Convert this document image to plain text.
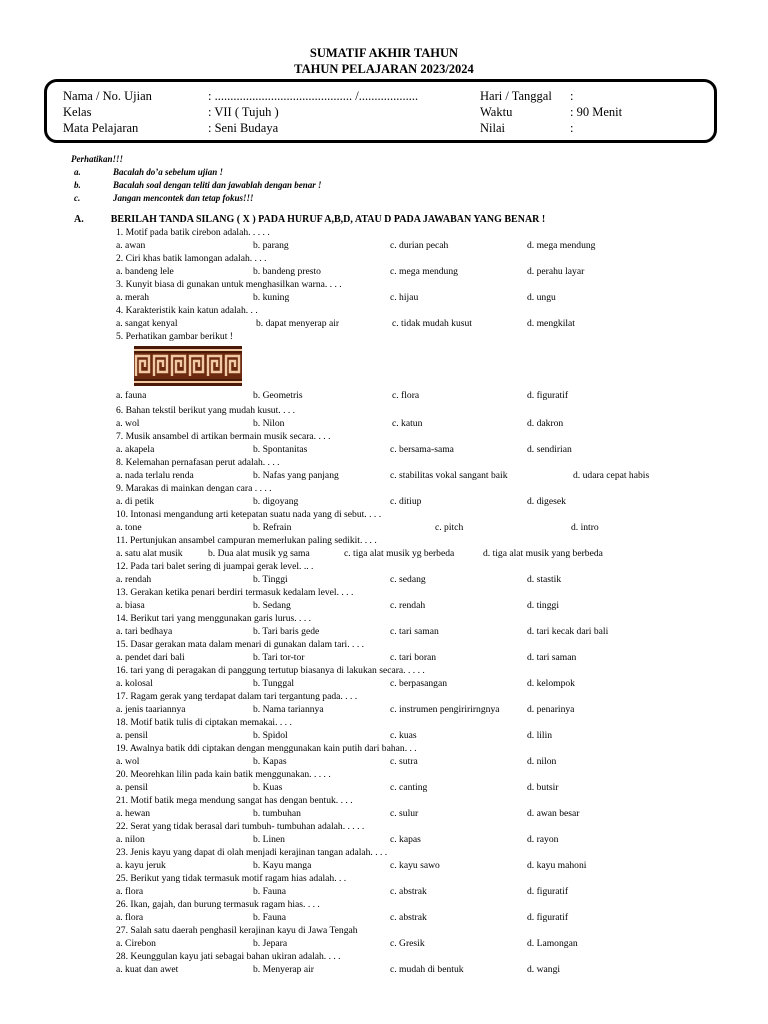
SUMATIF AKHIR TAHUN
TAHUN PELAJARAN 2023/2024
Nama / No. Ujian	: ............................................ /...................
Kelas	: VII ( Tujuh )
Mata Pelajaran	: Seni Budaya
Hari / Tanggal :
Waktu	: 90 Menit
Nilai	:
Perhatikan!!!
a.	Bacalah do’a sebelum ujian !
b.	Bacalah soal dengan teliti dan jawablah dengan benar !
c.	Jangan mencontek dan tetap fokus!!!
A.	BERILAH TANDA SILANG ( X ) PADA HURUF A,B,D, ATAU D PADA JAWABAN YANG BENAR !
1. Motif pada batik cirebon adalah. . . . .
a. awan	b. parang	c. durian pecah	d. mega mendung
2. Ciri khas batik lamongan adalah. . . .
a. bandeng lele	b. bandeng presto	c. mega mendung	d. perahu layar
3. Kunyit biasa di gunakan untuk menghasilkan warna. . . .
a. merah	b. kuning	c. hijau	d. ungu
4. Karakteristik kain katun adalah. . .
a. sangat kenyal	b. dapat menyerap air	c. tidak mudah kusut	d. mengkilat
5. Perhatikan gambar berikut !
a. fauna	b. Geometris	c. flora	d. figuratif
6. Bahan tekstil berikut yang mudah kusut. . . .
a. wol	b. Nilon	c. katun	d. dakron
7. Musik ansambel di artikan bermain musik secara. . . .
a. akapela	b. Spontanitas	c. bersama-sama	d. sendirian
8. Kelemahan pernafasan perut adalah. . . .
a. nada terlalu renda	b. Nafas yang panjang	c. stabilitas vokal sangant baik	d. udara cepat habis
9. Marakas di mainkan dengan cara . . . .
a. di petik	b. digoyang	c. ditiup	d. digesek
10. Intonasi mengandung arti ketepatan suatu nada yang di sebut. . . .
a. tone	b. Refrain	c. pitch	d. intro
11. Pertunjukan ansambel campuran memerlukan paling sedikit. . . .
a. satu alat musik	b. Dua alat musik yg sama	c. tiga alat musik yg berbeda	d. tiga alat musik yang berbeda
12. Pada tari balet sering di juampai gerak level. .. .
a. rendah	b. Tinggi	c. sedang	d. stastik
13. Gerakan ketika penari berdiri termasuk kedalam level. . . .
a. biasa	b. Sedang	c. rendah	d. tinggi
14. Berikut tari yang menggunakan garis lurus. . . .
a. tari bedhaya	b. Tari baris gede	c. tari saman	d. tari kecak dari bali
15. Dasar gerakan mata dalam menari di gunakan dalam tari. . . .
a. pendet dari bali	b. Tari tor-tor	c. tari boran	d. tari saman
16. tari yang di peragakan di panggung tertutup biasanya di lakukan secara. . . . .
a. kolosal	b. Tunggal	c. berpasangan	d. kelompok
17. Ragam gerak yang terdapat dalam tari tergantung pada. . . .
a. jenis taariannya	b. Nama tariannya	c. instrumen pengiririrngnya	d. penarinya
18. Motif batik tulis di ciptakan memakai. . . .
a. pensil	b. Spidol	c. kuas	d. lilin
19. Awalnya batik ddi ciptakan dengan menggunakan kain putih dari bahan. . .
a. wol	b. Kapas	c. sutra	d. nilon
20. Meorehkan lilin pada kain batik menggunakan. . . . .
a. pensil	b. Kuas	c. canting	d. butsir
21. Motif batik mega mendung sangat has dengan bentuk. . . .
a. hewan	b. tumbuhan	c. sulur	d. awan besar
22. Serat yang tidak berasal dari tumbuh- tumbuhan adalah. . . . .
a. nilon	b. Linen	c. kapas	d. rayon
23. Jenis kayu yang dapat di olah menjadi kerajinan tangan adalah. . . .
a. kayu jeruk	b. Kayu manga	c. kayu sawo	d. kayu mahoni
25. Berikut yang tidak termasuk motif ragam hias adalah. . .
a. flora	b. Fauna	c. abstrak	d. figuratif
26. Ikan, gajah, dan burung termasuk ragam hias. . . .
a. flora	b. Fauna	c. abstrak	d. figuratif
27. Salah satu daerah penghasil kerajinan kayu di Jawa Tengah
a. Cirebon	b. Jepara	c. Gresik	d. Lamongan
28. Keunggulan kayu jati sebagai bahan ukiran adalah. . . .
a. kuat dan awet	b. Menyerap air	c. mudah di bentuk	d. wangi
